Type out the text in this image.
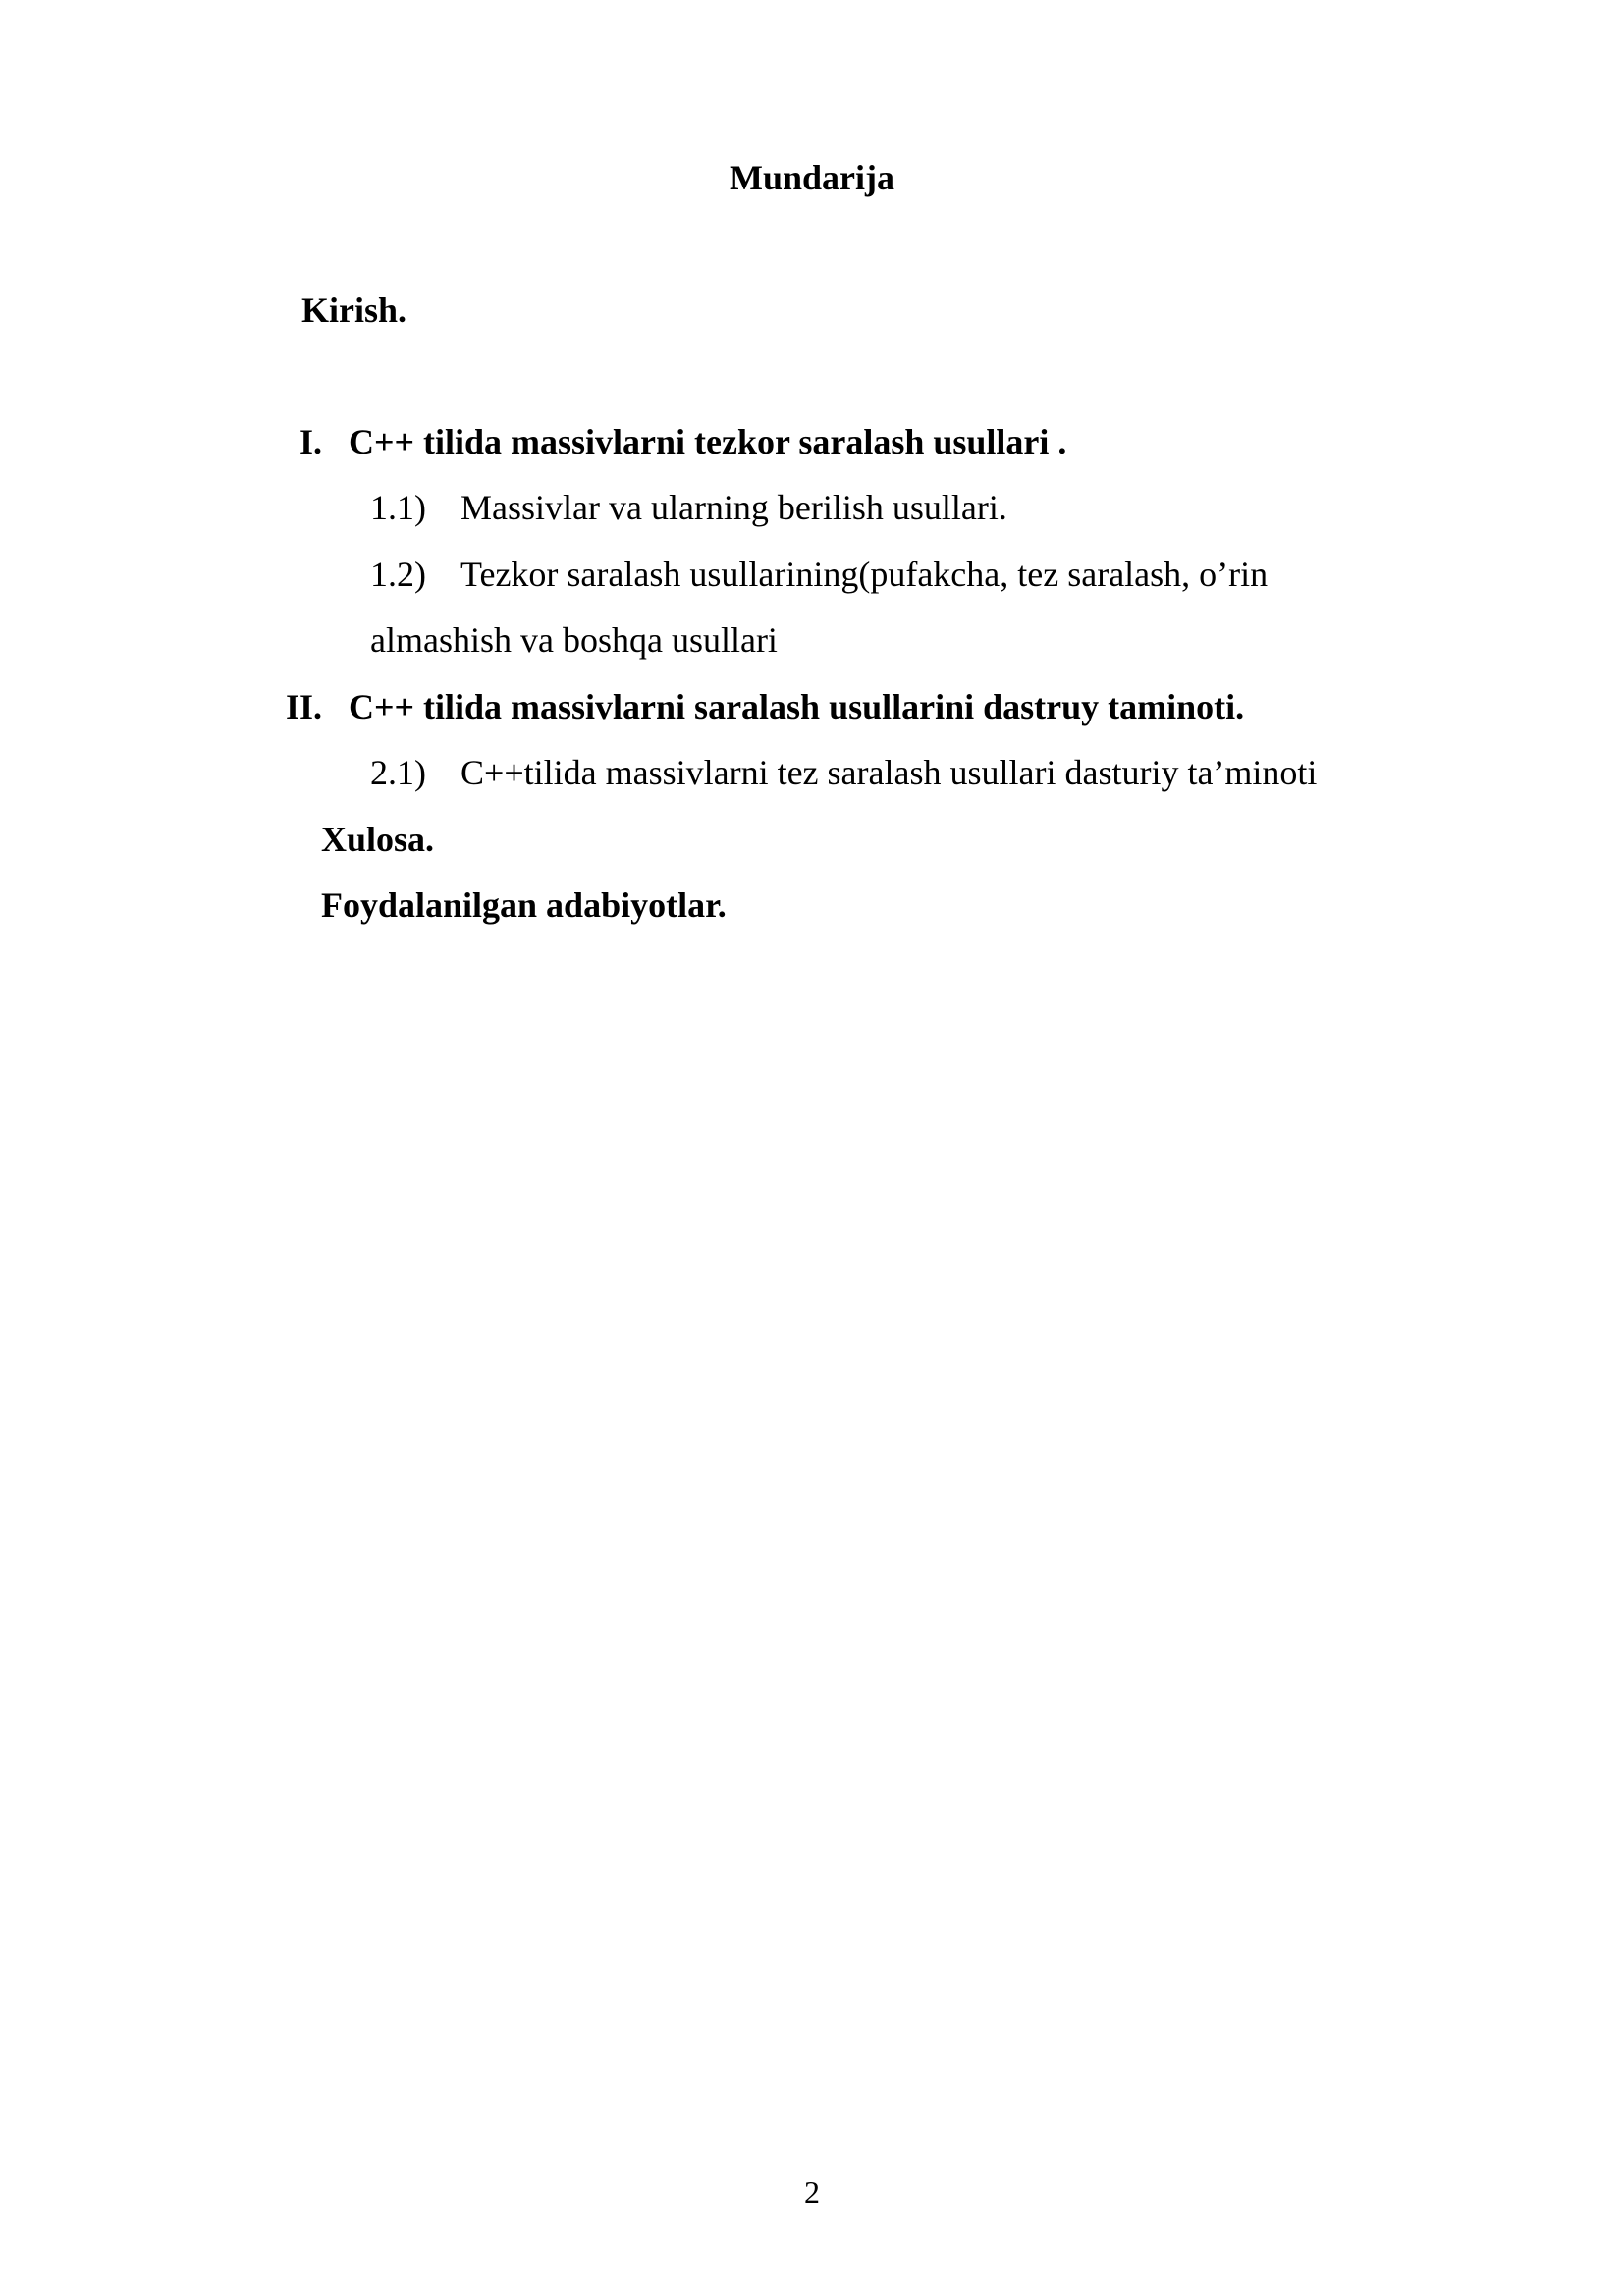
Mundarija
Kirish.
I. C++ tilida massivlarni tezkor saralash usullari .
1.1) Massivlar va ularning berilish usullari.
1.2) Tezkor saralash usullarining(pufakcha, tez saralash, o’rin
almashish va boshqa usullari
II. C++ tilida massivlarni saralash usullarini dastruy taminoti.
2.1) C++tilida massivlarni tez saralash usullari dasturiy ta’minoti
Xulosa.
Foydalanilgan adabiyotlar.
2
